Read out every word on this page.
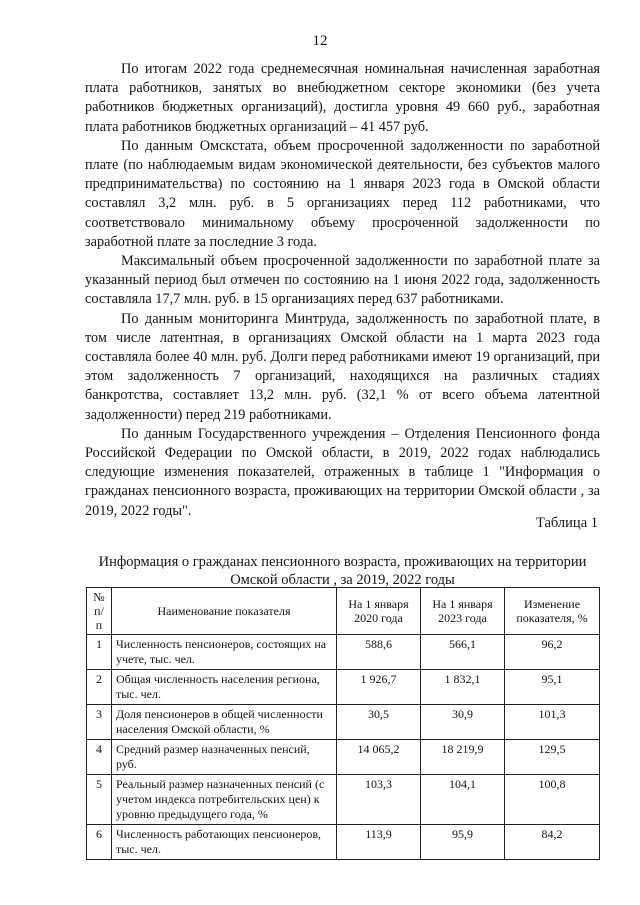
12

По итогам 2022 года среднемесячная номинальная начисленная заработная плата работников, занятых во внебюджетном секторе экономики (без учета работников бюджетных организаций), достигла уровня 49 660 руб., заработная плата работников бюджетных организаций – 41 457 руб.

По данным Омскстата, объем просроченной задолженности по заработной плате (по наблюдаемым видам экономической деятельности, без субъектов малого предпринимательства) по состоянию на 1 января 2023 года в Омской области составлял 3,2 млн. руб. в 5 организациях перед 112 работниками, что соответствовало минимальному объему просроченной задолженности по заработной плате за последние 3 года.

Максимальный объем просроченной задолженности по заработной плате за указанный период был отмечен по состоянию на 1 июня 2022 года, задолженность составляла 17,7 млн. руб. в 15 организациях перед 637 работниками.

По данным мониторинга Минтруда, задолженность по заработной плате, в том числе латентная, в организациях Омской области на 1 марта 2023 года составляла более 40 млн. руб. Долги перед работниками имеют 19 организаций, при этом задолженность 7 организаций, находящихся на различных стадиях банкротства, составляет 13,2 млн. руб. (32,1 % от всего объема латентной задолженности) перед 219 работниками.

По данным Государственного учреждения – Отделения Пенсионного фонда Российской Федерации по Омской области, в 2019, 2022 годах наблюдались следующие изменения показателей, отраженных в таблице 1 "Информация о гражданах пенсионного возраста, проживающих на территории Омской области , за 2019, 2022 годы".

Таблица 1
Информация о гражданах пенсионного возраста, проживающих на территории Омской области , за 2019, 2022 годы
№ п/п	Наименование показателя	На 1 января 2020 года	На 1 января 2023 года	Изменение показателя, %
1	Численность пенсионеров, состоящих на учете, тыс. чел.	588,6	566,1	96,2
2	Общая численность населения региона, тыс. чел.	1 926,7	1 832,1	95,1
3	Доля пенсионеров в общей численности населения Омской области, %	30,5	30,9	101,3
4	Средний размер назначенных пенсий, руб.	14 065,2	18 219,9	129,5
5	Реальный размер назначенных пенсий (с учетом индекса потребительских цен) к уровню предыдущего года, %	103,3	104,1	100,8
6	Численность работающих пенсионеров, тыс. чел.	113,9	95,9	84,2
